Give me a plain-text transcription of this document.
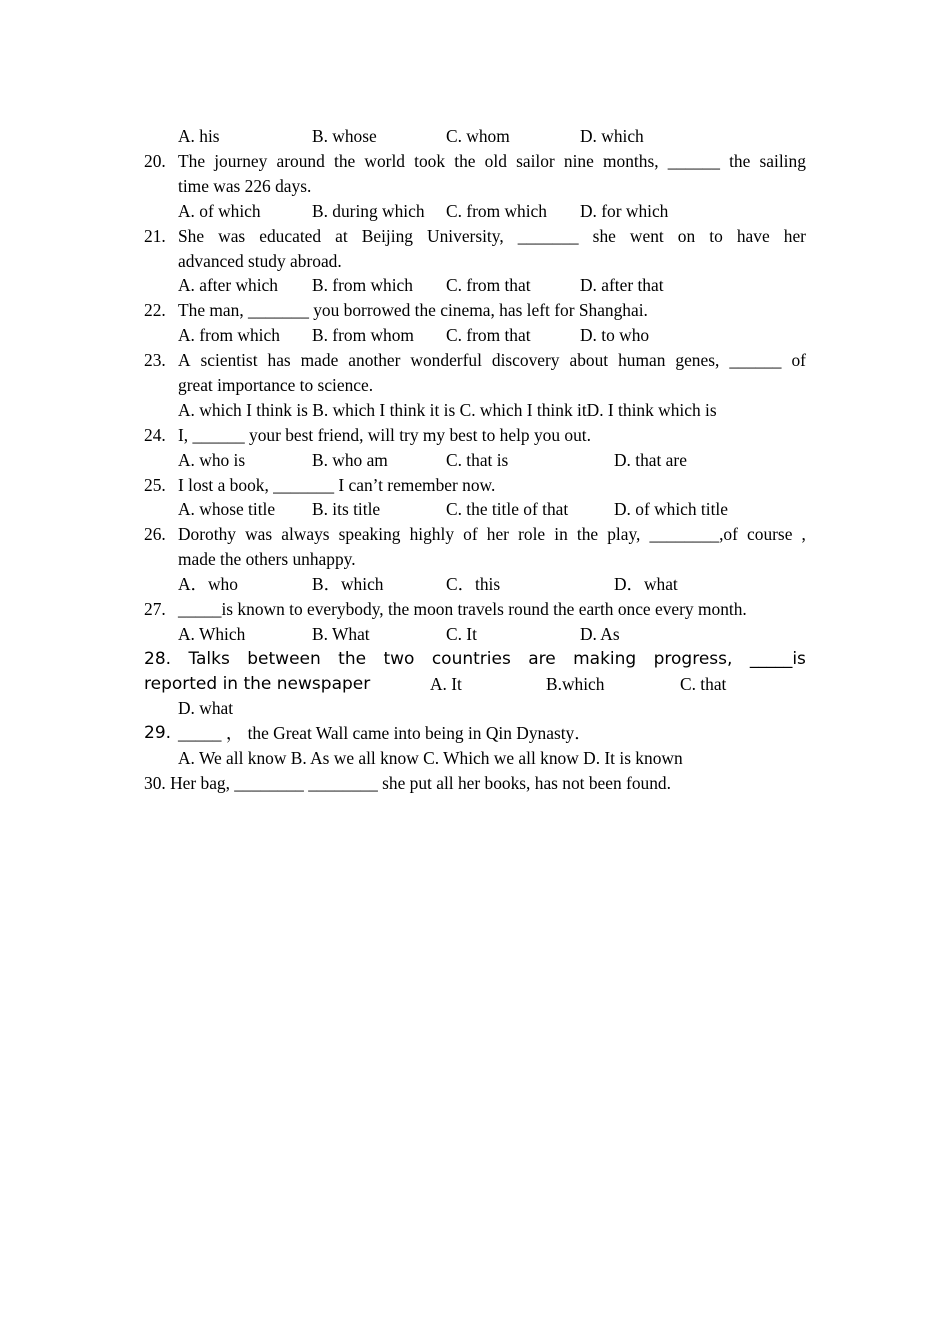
A. his	B. whose	C. whom	D. which
20. The journey around the world took the old sailor nine months, ______ the sailing
time was 226 days.
A. of which	B. during which C. from which D. for which
21. She was educated at Beijing University, _______ she went on to have her
advanced study abroad.
A. after which B. from which C. from that	D. after that
22. The man, _______ you borrowed the cinema, has left for Shanghai.
A. from which B. from whom C. from that	D. to who
23. A scientist has made another wonderful discovery about human genes, ______ of
great importance to science.
A. which I think is B. which I think it is C. which I think itD. I think which is
24. I, ______ your best friend, will try my best to help you out.
A. who is	B. who am	C. that is	D. that are
25. I lost a book, _______ I can’t remember now.
A. whose title B. its title	C. the title of that	D. of which title
26. Dorothy was always speaking highly of her role in the play, ________,of course ,
made the others unhappy.
A．who	B．which	C．this	D．what
27. _____is known to everybody, the moon travels round the earth once every month.
A. Which	B. What	C. It	D. As
28. Talks between the two countries are making progress, _____is
reported in the newspaper	A. It	B.which	C. that
D. what
29. _____ ， the Great Wall came into being in Qin Dynasty．
A. We all know B. As we all know C. Which we all know D. It is known
30. Her bag, ________ ________ she put all her books, has not been found.
